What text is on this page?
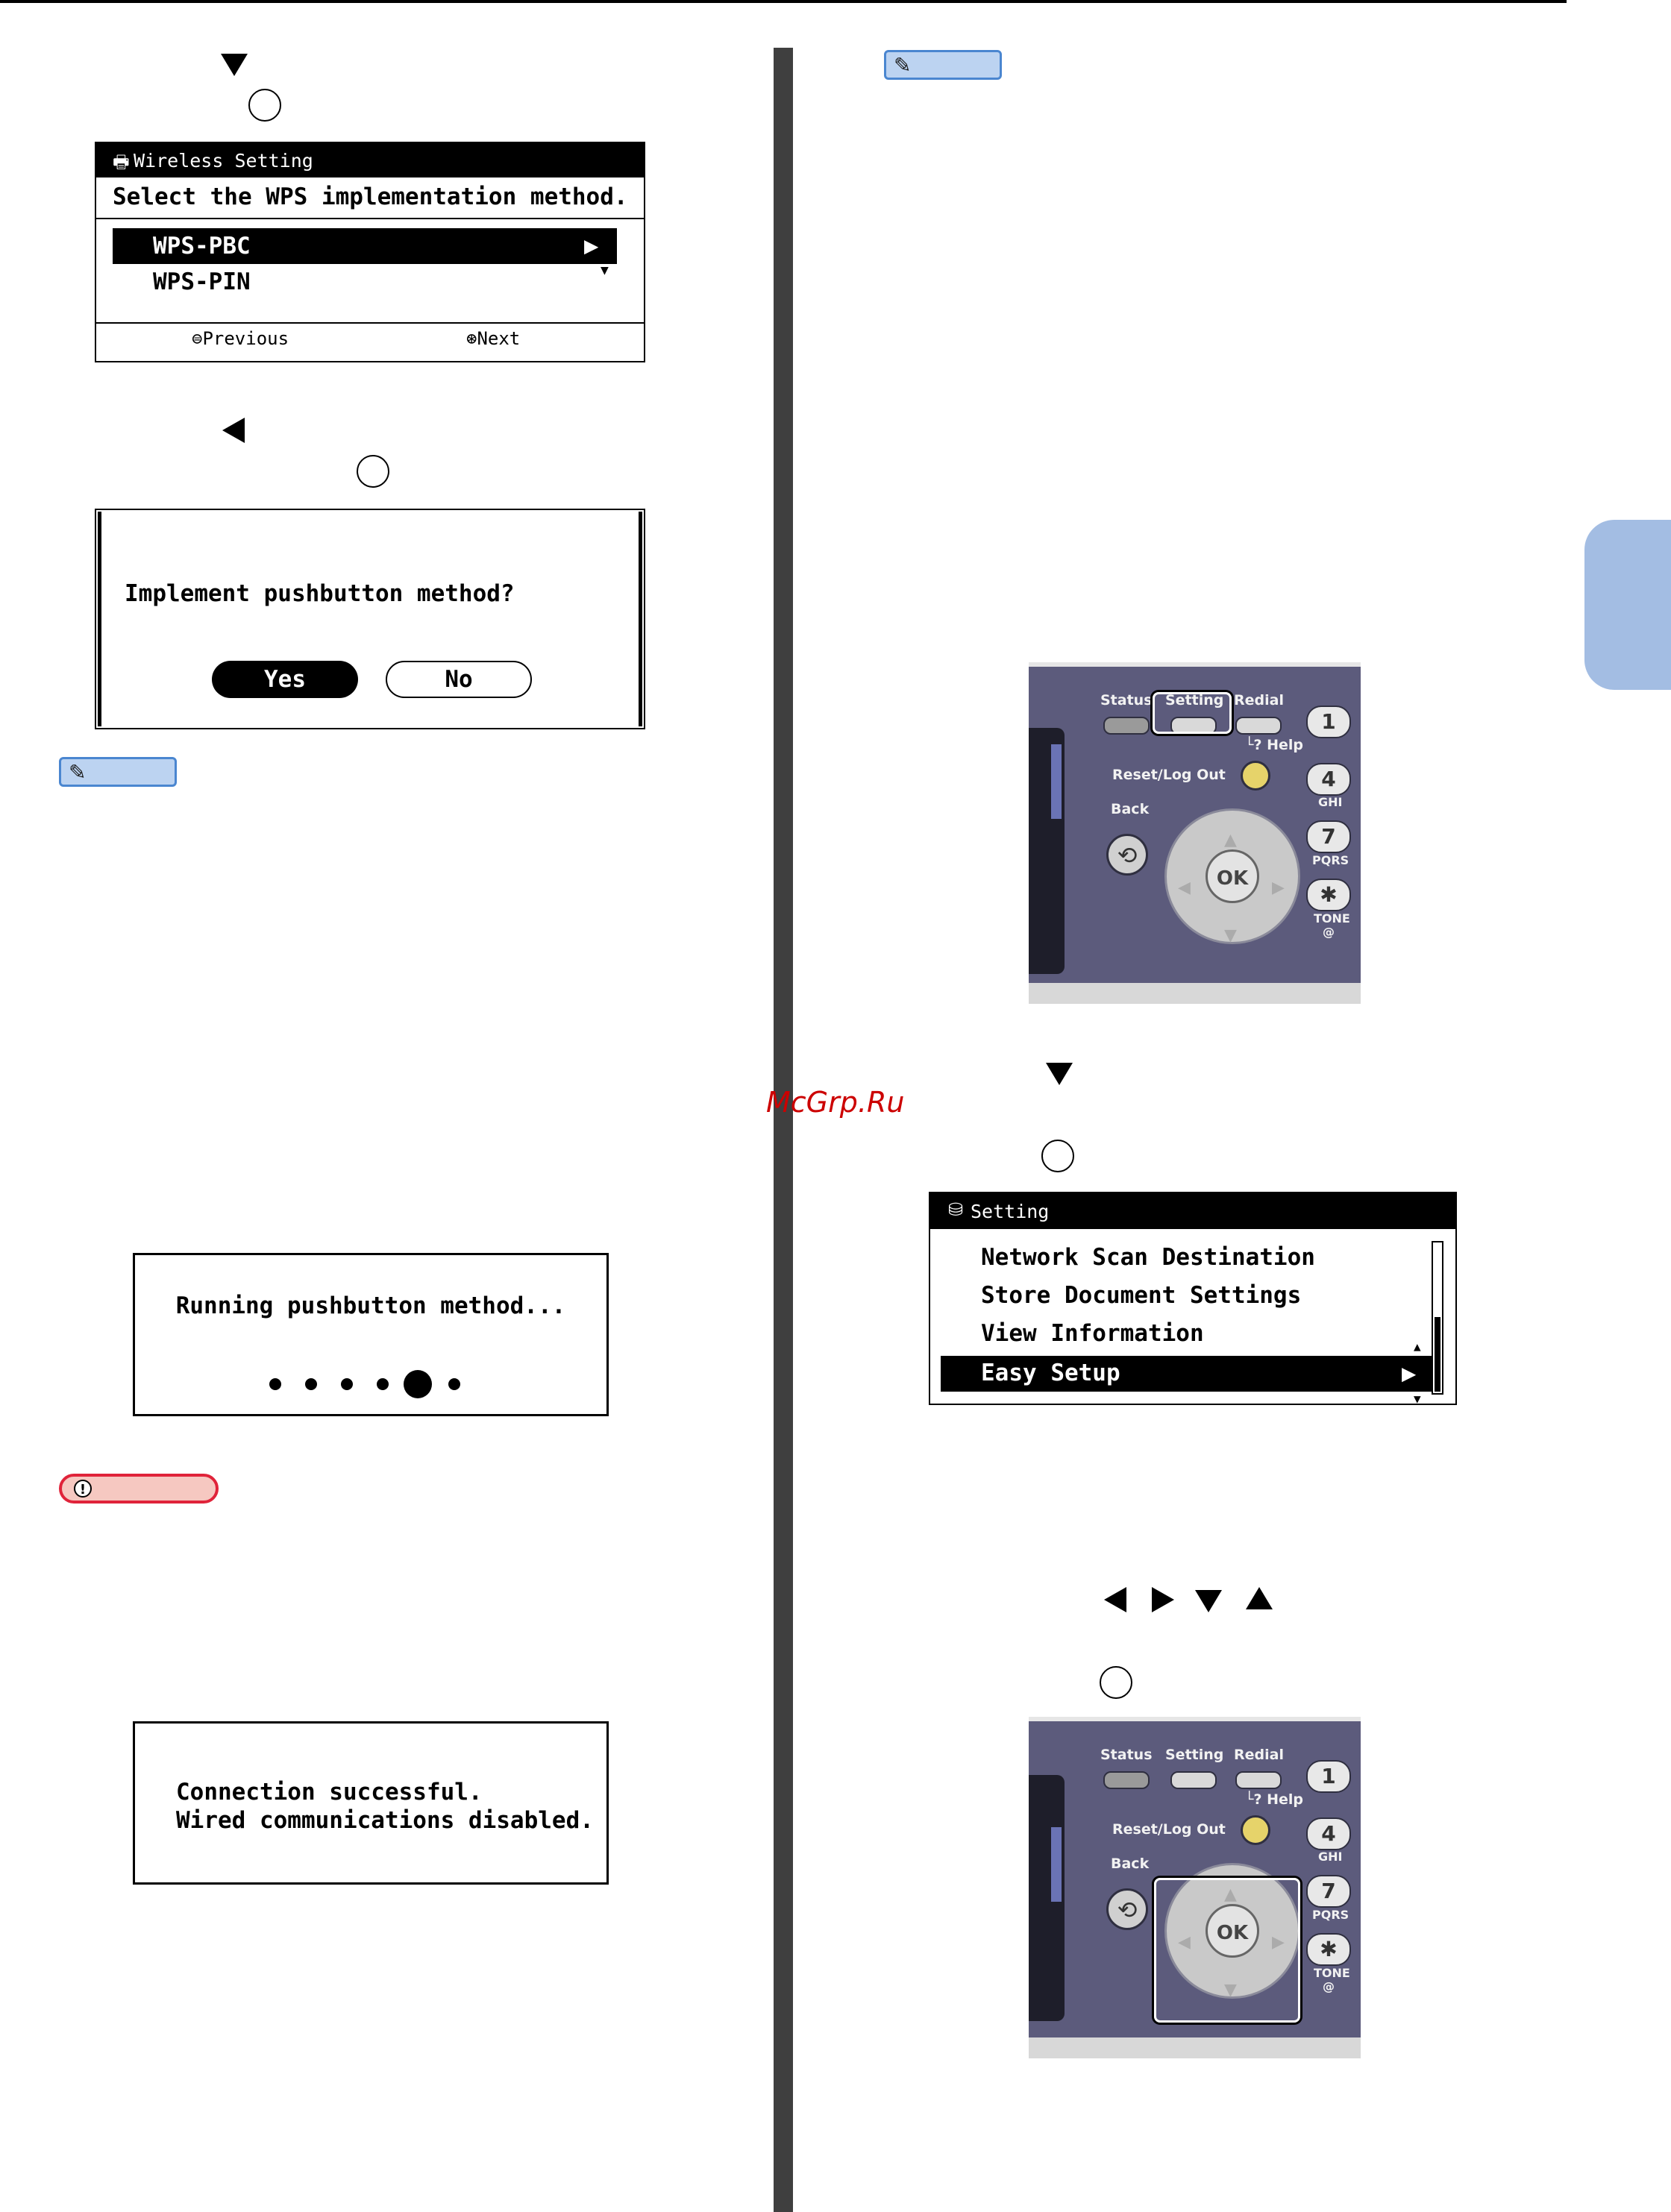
🖶 Wireless Setting
Select the WPS implementation method.
WPS-PBC	▶
▼
WPS-PIN
⊜Previous	⊛Next
Implement pushbutton method?
Yes	No
✎
Running pushbutton method...
!
Connection successful.
Wired communications disabled.
✎
Status Setting Redial
└? Help
Reset/Log Out
Back
⟲
▲
▼
◀	▶
OK
1
4
GHI
7
PQRS
✱
TONE
@
⛁ Setting
Network Scan Destination
Store Document Settings
View Information
Easy Setup	▶
▲
▼
Status Setting Redial
└? Help
Reset/Log Out
Back
⟲
▲
▼
◀	▶
OK
1
4
GHI
7
PQRS
✱
TONE
@
McGrp.Ru
